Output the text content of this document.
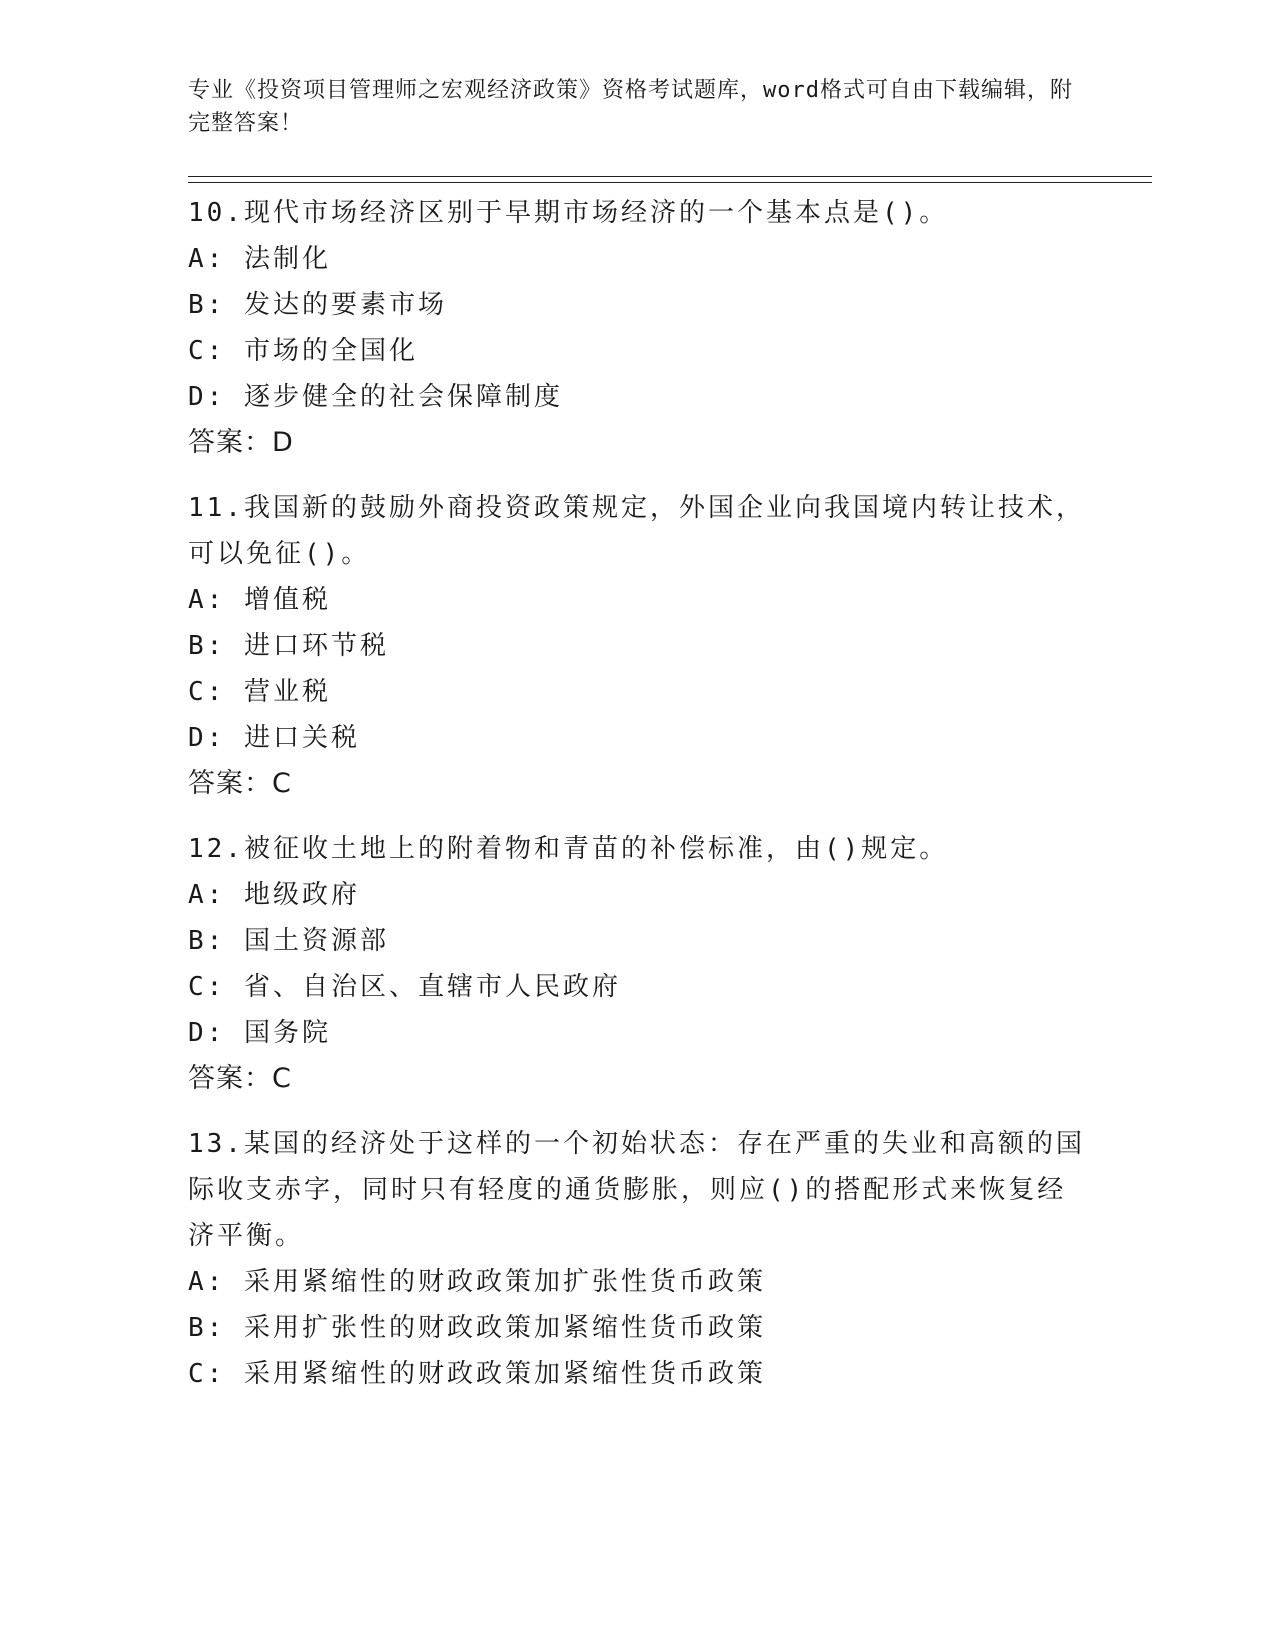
专业《投资项目管理师之宏观经济政策》资格考试题库，word格式可自由下载编辑，附完整答案！
10.现代市场经济区别于早期市场经济的一个基本点是()。
A: 法制化
B: 发达的要素市场
C: 市场的全国化
D: 逐步健全的社会保障制度
答案：D
11.我国新的鼓励外商投资政策规定，外国企业向我国境内转让技术，可以免征()。
A: 增值税
B: 进口环节税
C: 营业税
D: 进口关税
答案：C
12.被征收土地上的附着物和青苗的补偿标准，由()规定。
A: 地级政府
B: 国土资源部
C: 省、自治区、直辖市人民政府
D: 国务院
答案：C
13.某国的经济处于这样的一个初始状态：存在严重的失业和高额的国际收支赤字，同时只有轻度的通货膨胀，则应()的搭配形式来恢复经济平衡。
A: 采用紧缩性的财政政策加扩张性货币政策
B: 采用扩张性的财政政策加紧缩性货币政策
C: 采用紧缩性的财政政策加紧缩性货币政策
